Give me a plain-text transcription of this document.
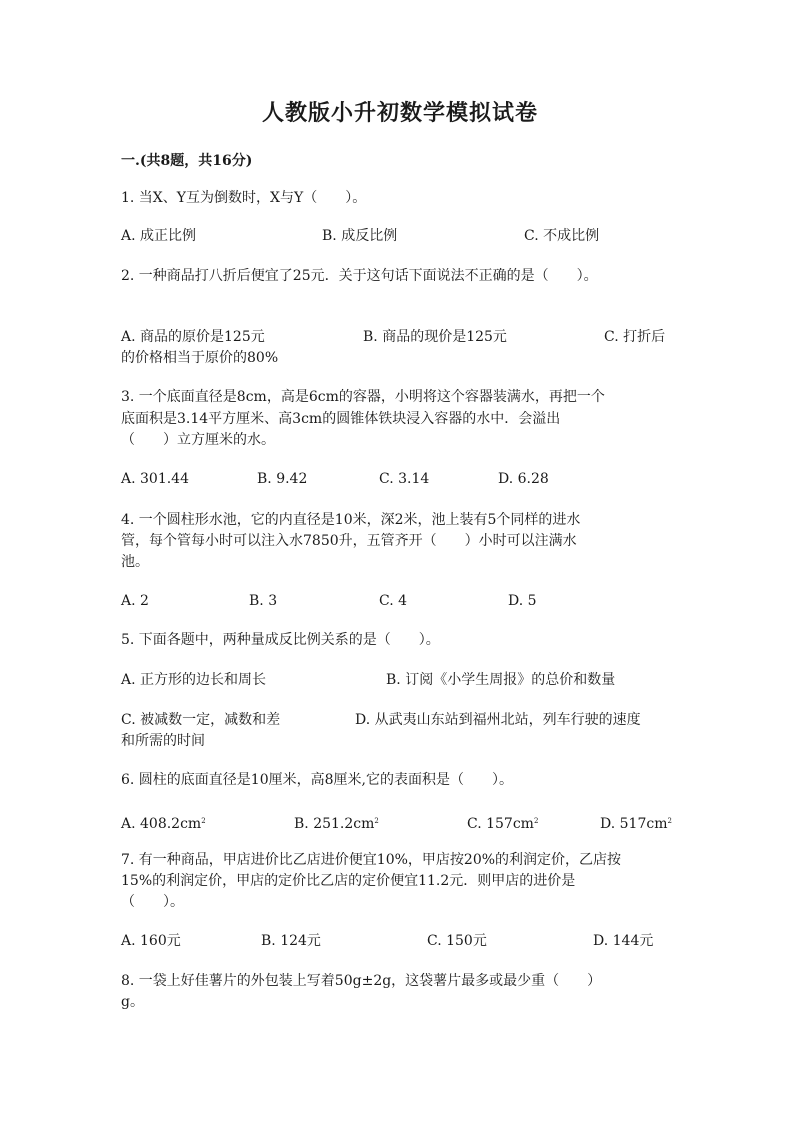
人教版小升初数学模拟试卷
一.(共8题，共16分)
1. 当X、Y互为倒数时，X与Y（　　）。
A. 成正比例	B. 成反比例	C. 不成比例
2. 一种商品打八折后便宜了25元．关于这句话下面说法不正确的是（　　）。
A. 商品的原价是125元	B. 商品的现价是125元	C. 打折后
的价格相当于原价的80%
3. 一个底面直径是8cm，高是6cm的容器，小明将这个容器装满水，再把一个
底面积是3.14平方厘米、高3cm的圆锥体铁块浸入容器的水中．会溢出
（　　）立方厘米的水。
A. 301.44	B. 9.42	C. 3.14	D. 6.28
4. 一个圆柱形水池，它的内直径是10米，深2米，池上装有5个同样的进水
管，每个管每小时可以注入水7850升，五管齐开（　　）小时可以注满水
池。
A. 2	B. 3	C. 4	D. 5
5. 下面各题中，两种量成反比例关系的是（　　）。
A. 正方形的边长和周长	B. 订阅《小学生周报》的总价和数量
C. 被减数一定，减数和差	D. 从武夷山东站到福州北站，列车行驶的速度
和所需的时间
6. 圆柱的底面直径是10厘米，高8厘米,它的表面积是（　　）。
A. $408.2cm^2$	B. $251.2cm^2$	C. $157cm^2$	D. $517cm^2$
7. 有一种商品，甲店进价比乙店进价便宜10%，甲店按20%的利润定价，乙店按
15%的利润定价，甲店的定价比乙店的定价便宜11.2元．则甲店的进价是
（　　）。
A. 160元	B. 124元	C. 150元	D. 144元
8. 一袋上好佳薯片的外包装上写着50g±2g，这袋薯片最多或最少重（　　）
g。
